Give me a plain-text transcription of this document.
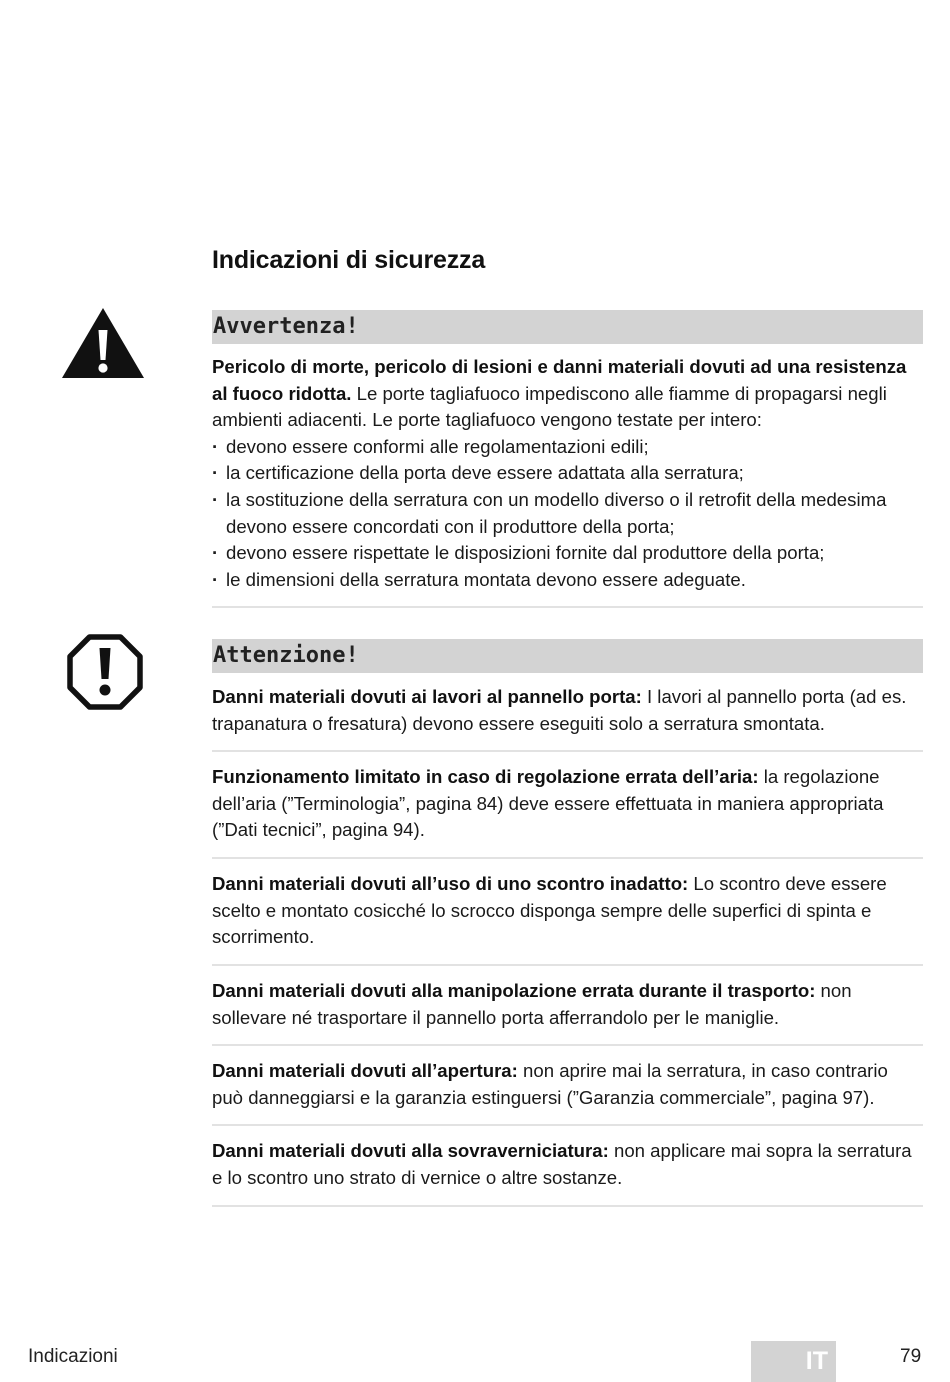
Indicazioni di sicurezza
Avvertenza!

Pericolo di morte, pericolo di lesioni e danni materiali dovuti ad una resistenza al fuoco ridotta. Le porte tagliafuoco impediscono alle fiamme di propagarsi negli ambienti adiacenti. Le porte tagliafuoco vengono testate per intero:

· devono essere conformi alle regolamentazioni edili;
· la certificazione della porta deve essere adattata alla serratura;
· la sostituzione della serratura con un modello diverso o il retrofit della medesima devono essere concordati con il produttore della porta;
· devono essere rispettate le disposizioni fornite dal produttore della porta;
· le dimensioni della serratura montata devono essere adeguate.
Attenzione!

Danni materiali dovuti ai lavori al pannello porta: I lavori al pannello porta (ad es. trapanatura o fresatura) devono essere eseguiti solo a serratura smontata.

Funzionamento limitato in caso di regolazione errata dell’aria: la regolazione dell’aria (”Terminologia”, pagina 84) deve essere effettuata in maniera appropriata (”Dati tecnici”, pagina 94).

Danni materiali dovuti all’uso di uno scontro inadatto: Lo scontro deve essere scelto e montato cosicché lo scrocco disponga sempre delle superfici di spinta e scorrimento.

Danni materiali dovuti alla manipolazione errata durante il trasporto: non sollevare né trasportare il pannello porta afferrandolo per le maniglie.

Danni materiali dovuti all’apertura: non aprire mai la serratura, in caso contrario può danneggiarsi e la garanzia estinguersi (”Garanzia commerciale”, pagina 97).

Danni materiali dovuti alla sovraverniciatura: non applicare mai sopra la serratura e lo scontro uno strato di vernice o altre sostanze.

Indicazioni	IT	79
